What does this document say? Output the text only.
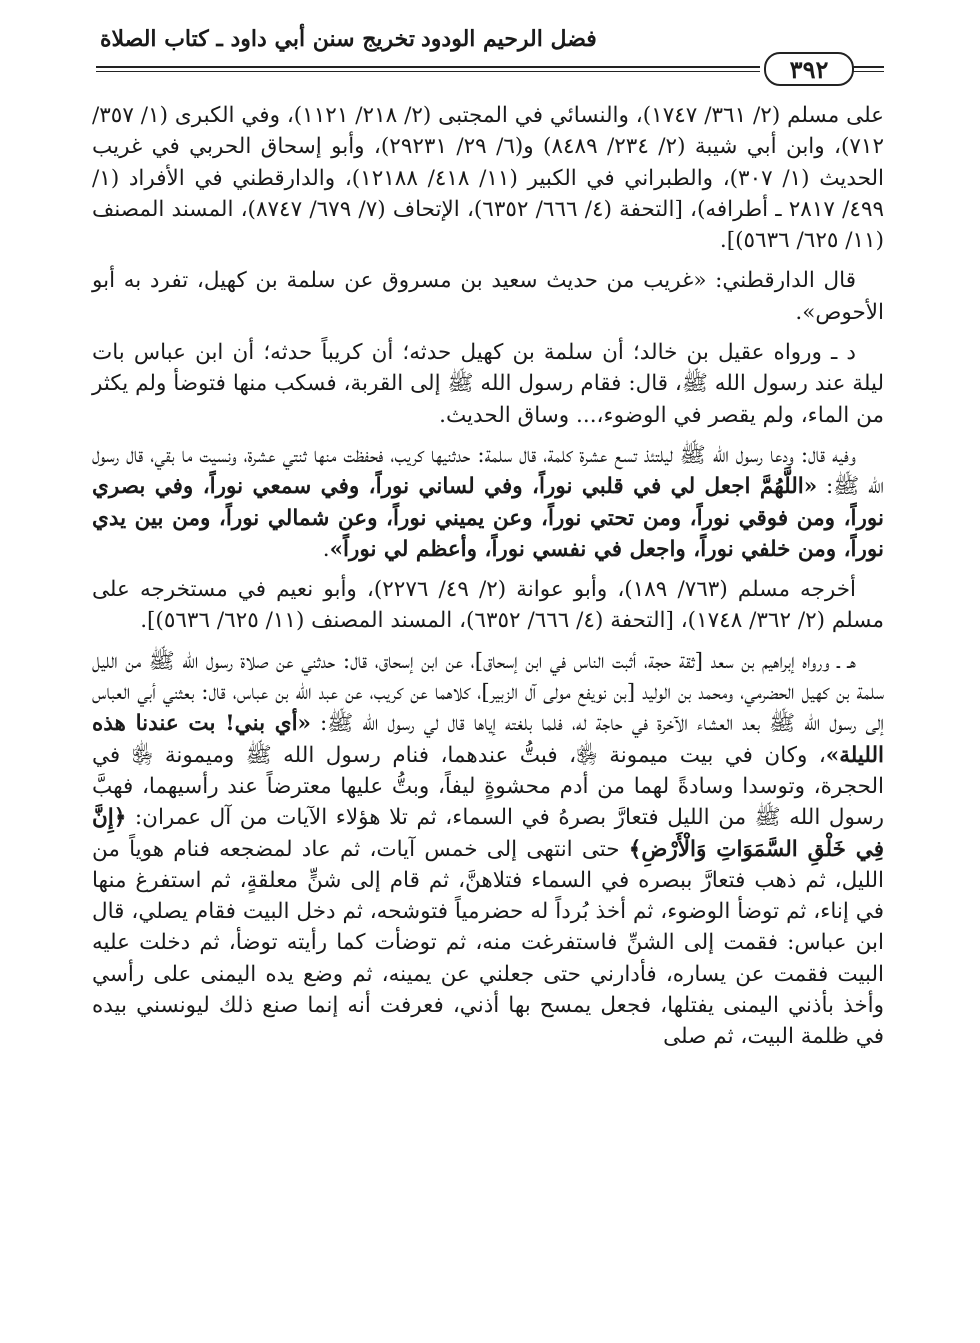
فضل الرحيم الودود
تخريج سنن أبي داود ـ كتاب الصلاة
٣٩٢

على مسلم (٢/ ٣٦١/ ١٧٤٧)، والنسائي في المجتبى (٢/ ٢١٨/ ١١٢١)، وفي الكبرى (١/ ٣٥٧/ ٧١٢)، وابن أبي شيبة (٢/ ٢٣٤/ ٨٤٨٩) و(٦/ ٢٩/ ٢٩٢٣١)، وأبو إسحاق الحربي في غريب الحديث (١/ ٣٠٧)، والطبراني في الكبير (١١/ ٤١٨/ ١٢١٨٨)، والدارقطني في الأفراد (١/ ٤٩٩/ ٢٨١٧ ـ أطرافه)، [التحفة (٤/ ٦٦٦/ ٦٣٥٢)، الإتحاف (٧/ ٦٧٩/ ٨٧٤٧)، المسند المصنف (١١/ ٦٢٥/ ٥٦٣٦)].

قال الدارقطني: «غريب من حديث سعيد بن مسروق عن سلمة بن كهيل، تفرد به أبو الأحوص».

د ـ ورواه عقيل بن خالد؛ أن سلمة بن كهيل حدثه؛ أن كريباً حدثه؛ أن ابن عباس بات ليلة عند رسول الله ﷺ، قال: فقام رسول الله ﷺ إلى القربة، فسكب منها فتوضأ ولم يكثر من الماء، ولم يقصر في الوضوء،... وساق الحديث.

وفيه قال: ودعا رسول الله ﷺ ليلتئذ تسع عشرة كلمة، قال سلمة: حدثنيها كريب، فحفظت منها ثنتي عشرة، ونسيت ما بقي، قال رسول الله ﷺ: «اللَّهُمَّ اجعل لي في قلبي نوراً، وفي لساني نوراً، وفي سمعي نوراً، وفي بصري نوراً، ومن فوقي نوراً، ومن تحتي نوراً، وعن يميني نوراً، وعن شمالي نوراً، ومن بين يدي نوراً، ومن خلفي نوراً، واجعل في نفسي نوراً، وأعظم لي نوراً».

أخرجه مسلم (٧٦٣/ ١٨٩)، وأبو عوانة (٢/ ٤٩/ ٢٢٧٦)، وأبو نعيم في مستخرجه على مسلم (٢/ ٣٦٢/ ١٧٤٨)، [التحفة (٤/ ٦٦٦/ ٦٣٥٢)، المسند المصنف (١١/ ٦٢٥/ ٥٦٣٦)].

هـ ـ ورواه إبراهيم بن سعد [ثقة حجة، أثبت الناس في ابن إسحاق]، عن ابن إسحاق، قال: حدثني عن صلاة رسول الله ﷺ من الليل سلمة بن كهيل الحضرمي، ومحمد بن الوليد [بن نويفع مولى آل الزبير]، كلاهما عن كريب، عن عبد الله بن عباس، قال: بعثني أبي العباس إلى رسول الله ﷺ بعد العشاء الآخرة في حاجة له، فلما بلغته إياها قال لي رسول الله ﷺ: «أي بني! بت عندنا هذه الليلة»، وكان في بيت ميمونة ﵂، فبتُّ عندهما، فنام رسول الله ﷺ وميمونة ﵂ في الحجرة، وتوسدا وسادةً لهما من أدم محشوةٍ ليفاً، وبتُّ عليها معترضاً عند رأسيهما، فهبَّ رسول الله ﷺ من الليل فتعارَّ بصرهُ في السماء، ثم تلا هؤلاء الآيات من آل عمران: ﴿إِنَّ فِي خَلْقِ السَّمَوَاتِ وَالْأَرْضِ﴾ حتى انتهى إلى خمس آيات، ثم عاد لمضجعه فنام هوياً من الليل، ثم ذهب فتعارَّ ببصره في السماء فتلاهنَّ، ثم قام إلى شنٍّ معلقةٍ، ثم استفرغ منها في إناء، ثم توضأ الوضوء، ثم أخذ بُرداً له حضرمياً فتوشحه، ثم دخل البيت فقام يصلي، قال ابن عباس: فقمت إلى الشنِّ فاستفرغت منه، ثم توضأت كما رأيته توضأ، ثم دخلت عليه البيت فقمت عن يساره، فأدارني حتى جعلني عن يمينه، ثم وضع يده اليمنى على رأسي وأخذ بأذني اليمنى يفتلها، فجعل يمسح بها أذني، فعرفت أنه إنما صنع ذلك ليونسني بيده في ظلمة البيت، ثم صلى
